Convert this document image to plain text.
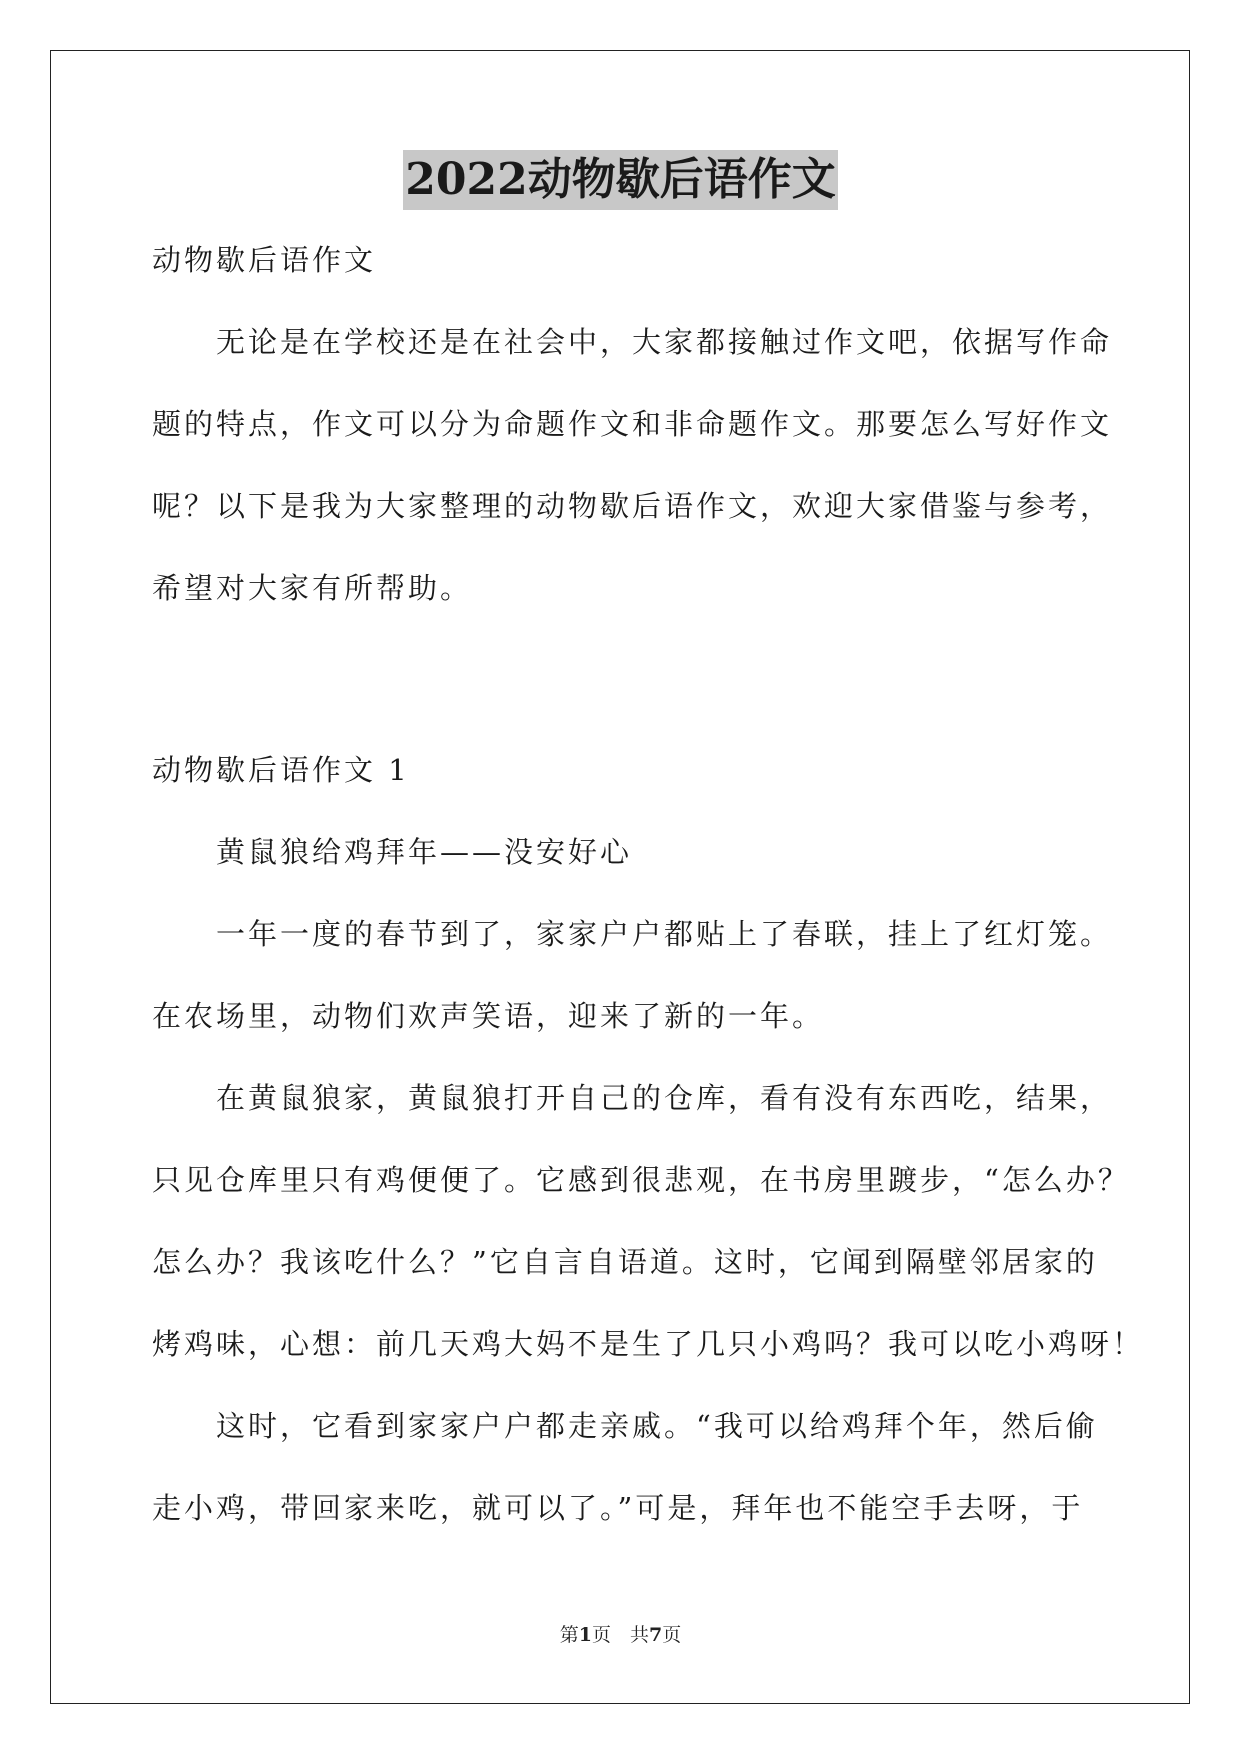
2022动物歇后语作文
动物歇后语作文
无论是在学校还是在社会中，大家都接触过作文吧，依据写作命
题的特点，作文可以分为命题作文和非命题作文。那要怎么写好作文
呢？以下是我为大家整理的动物歇后语作文，欢迎大家借鉴与参考，
希望对大家有所帮助。
动物歇后语作文 1
黄鼠狼给鸡拜年——没安好心
一年一度的春节到了，家家户户都贴上了春联，挂上了红灯笼。
在农场里，动物们欢声笑语，迎来了新的一年。
在黄鼠狼家，黄鼠狼打开自己的仓库，看有没有东西吃，结果，
只见仓库里只有鸡便便了。它感到很悲观，在书房里踱步，“怎么办？
怎么办？我该吃什么？”它自言自语道。这时，它闻到隔壁邻居家的
烤鸡味，心想：前几天鸡大妈不是生了几只小鸡吗？我可以吃小鸡呀！
这时，它看到家家户户都走亲戚。“我可以给鸡拜个年，然后偷
走小鸡，带回家来吃，就可以了。”可是，拜年也不能空手去呀，于
第1页　共7页
